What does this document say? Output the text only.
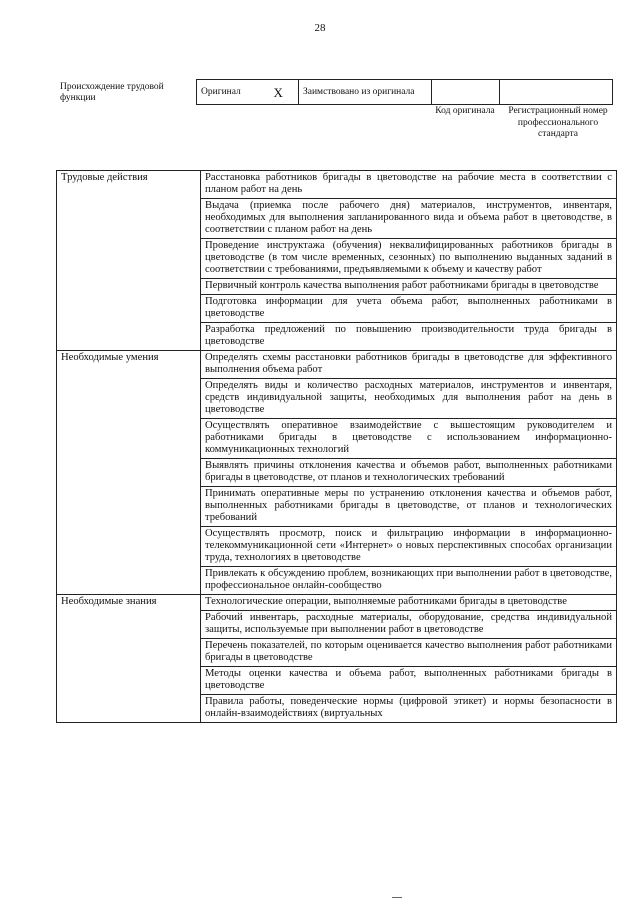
28
Происхождение трудовой функции
Оригинал	X	Заимствовано из оригинала		
Код оригинала	Регистрационный номер профессионального стандарта
Трудовые действия	Расстановка работников бригады в цветоводстве на рабочие места в соответствии с планом работ на день
	Выдача (приемка после рабочего дня) материалов, инструментов, инвентаря, необходимых для выполнения запланированного вида и объема работ в цветоводстве, в соответствии с планом работ на день
	Проведение инструктажа (обучения) неквалифицированных работников бригады в цветоводстве (в том числе временных, сезонных) по выполнению выданных заданий в соответствии с требованиями, предъявляемыми к объему и качеству работ
	Первичный контроль качества выполнения работ работниками бригады в цветоводстве
	Подготовка информации для учета объема работ, выполненных работниками в цветоводстве
	Разработка предложений по повышению производительности труда бригады в цветоводстве
Необходимые умения	Определять схемы расстановки работников бригады в цветоводстве для эффективного выполнения объема работ
	Определять виды и количество расходных материалов, инструментов и инвентаря, средств индивидуальной защиты, необходимых для выполнения работ на день в цветоводстве
	Осуществлять оперативное взаимодействие с вышестоящим руководителем и работниками бригады в цветоводстве с использованием информационно-коммуникационных технологий
	Выявлять причины отклонения качества и объемов работ, выполненных работниками бригады в цветоводстве, от планов и технологических требований
	Принимать оперативные меры по устранению отклонения качества и объемов работ, выполненных работниками бригады в цветоводстве, от планов и технологических требований
	Осуществлять просмотр, поиск и фильтрацию информации в информационно-телекоммуникационной сети «Интернет» о новых перспективных способах организации труда, технологиях в цветоводстве
	Привлекать к обсуждению проблем, возникающих при выполнении работ в цветоводстве, профессиональное онлайн-сообщество
Необходимые знания	Технологические операции, выполняемые работниками бригады в цветоводстве
	Рабочий инвентарь, расходные материалы, оборудование, средства индивидуальной защиты, используемые при выполнении работ в цветоводстве
	Перечень показателей, по которым оценивается качество выполнения работ работниками бригады в цветоводстве
	Методы оценки качества и объема работ, выполненных работниками бригады в цветоводстве
	Правила работы, поведенческие нормы (цифровой этикет) и нормы безопасности в онлайн-взаимодействиях (виртуальных
